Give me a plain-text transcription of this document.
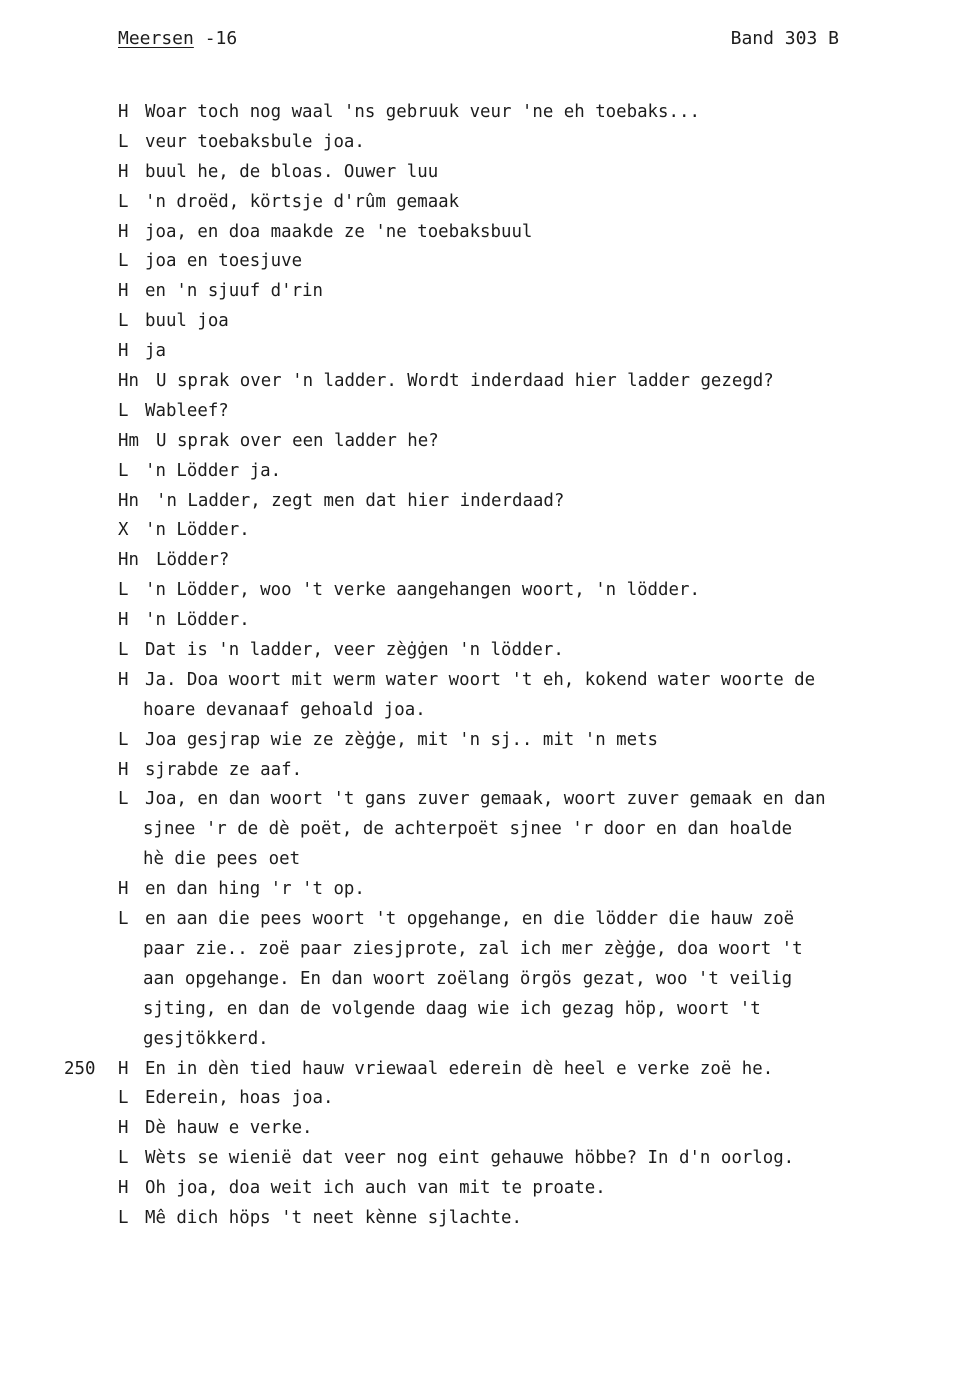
Meersen -16	Band 303 B
H Woar toch nog waal 'ns gebruuk veur 'ne eh toebaks...
L veur toebaksbule joa.
H buul he, de bloas. Ouwer luu
L 'n droëd, körtsje d'rûm gemaak
H joa, en doa maakde ze 'ne toebaksbuul
L joa en toesjuve
H en 'n sjuuf d'rin
L buul joa
H ja
Hn U sprak over 'n ladder. Wordt inderdaad hier ladder gezegd?
L Wableef?
Hm U sprak over een ladder he?
L 'n Lödder ja.
Hn 'n Ladder, zegt men dat hier inderdaad?
X 'n Lödder.
Hn Lödder?
L 'n Lödder, woo 't verke aangehangen woort, 'n lödder.
H 'n Lödder.
L Dat is 'n ladder, veer zèġġen 'n lödder.
H Ja. Doa woort mit werm water woort 't eh, kokend water woorte de
hoare devanaaf gehoald joa.
L Joa gesjrap wie ze zèġġe, mit 'n sj.. mit 'n mets
H sjrabde ze aaf.
L Joa, en dan woort 't gans zuver gemaak, woort zuver gemaak en dan
sjnee 'r de dè poët, de achterpoët sjnee 'r door en dan hoalde
hè die pees oet
H en dan hing 'r 't op.
L en aan die pees woort 't opgehange, en die lödder die hauw zoë
paar zie.. zoë paar ziesjprote, zal ich mer zèġġe, doa woort 't
aan opgehange. En dan woort zoëlang örgös gezat, woo 't veilig
sjting, en dan de volgende daag wie ich gezag höp, woort 't
gesjtökkerd.
250 H En in dèn tied hauw vriewaal ederein dè heel e verke zoë he.
L Ederein, hoas joa.
H Dè hauw e verke.
L Wèts se wienië dat veer nog eint gehauwe höbbe? In d'n oorlog.
H Oh joa, doa weit ich auch van mit te proate.
L Mê dich höps 't neet kènne sjlachte.
